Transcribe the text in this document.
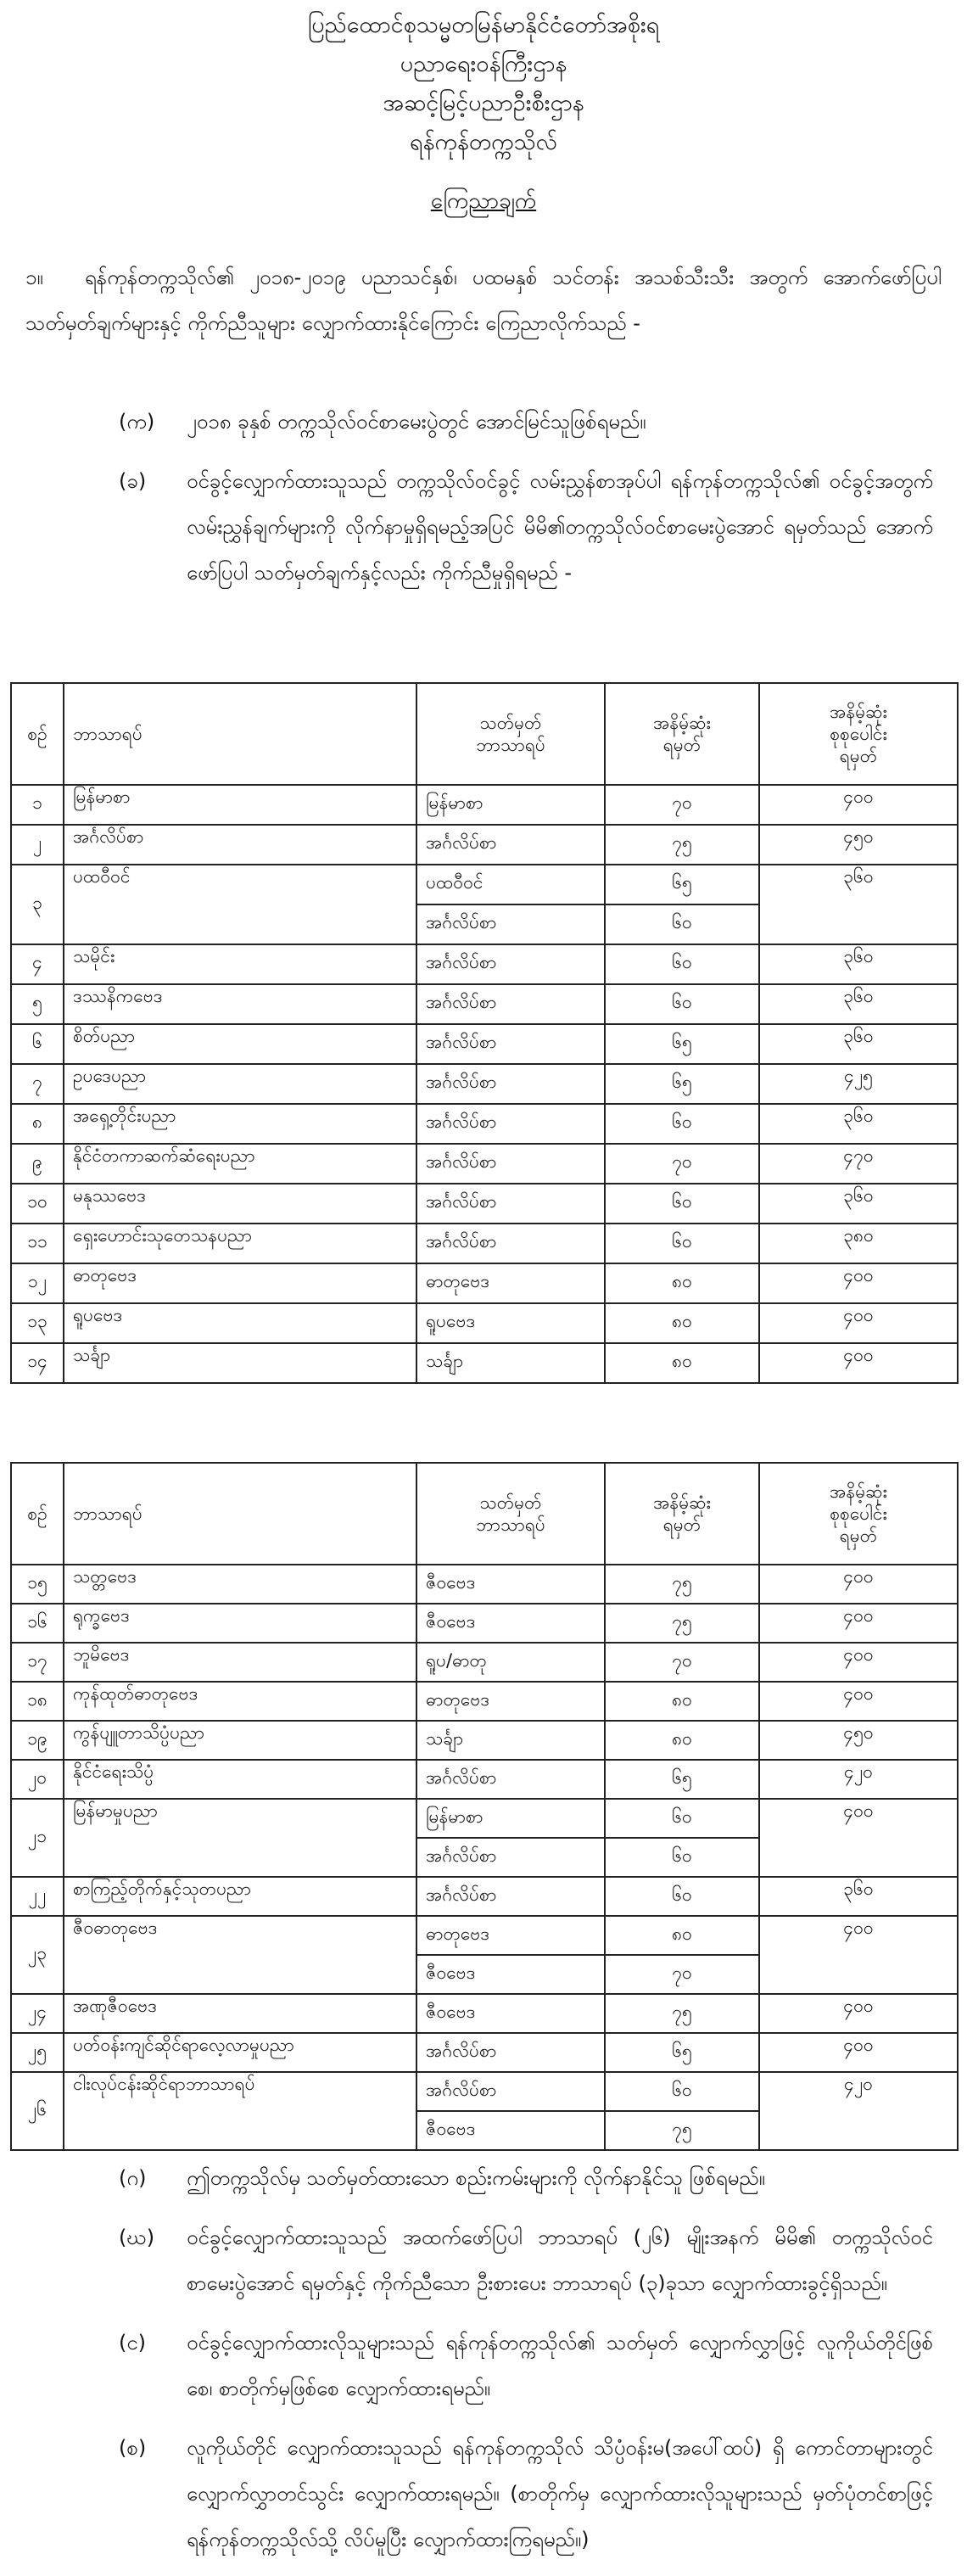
ပြည်ထောင်စုသမ္မတမြန်မာနိုင်ငံတော်အစိုးရ
ပညာရေးဝန်ကြီးဌာန
အဆင့်မြင့်ပညာဦးစီးဌာန
ရန်ကုန်တက္ကသိုလ်
ကြေညာချက်
၁။ ရန်ကုန်တက္ကသိုလ်၏ ၂၀၁၈-၂၀၁၉ ပညာသင်နှစ်၊ ပထမနှစ် သင်တန်း အသစ်သီးသီး အတွက် အောက်ဖော်ပြပါ သတ်မှတ်ချက်များနှင့် ကိုက်ညီသူများ လျှောက်ထားနိုင်ကြောင်း ကြေညာလိုက်သည် -
(က) ၂၀၁၈ ခုနှစ် တက္ကသိုလ်ဝင်စာမေးပွဲတွင် အောင်မြင်သူဖြစ်ရမည်။
(ခ) ဝင်ခွင့်လျှောက်ထားသူသည် တက္ကသိုလ်ဝင်ခွင့် လမ်းညွှန်စာအုပ်ပါ ရန်ကုန်တက္ကသိုလ်၏ ဝင်ခွင့်အတွက် လမ်းညွှန်ချက်များကို လိုက်နာမှုရှိရမည့်အပြင် မိမိ၏တက္ကသိုလ်ဝင်စာမေးပွဲအောင် ရမှတ်သည် အောက်ဖော်ပြပါ သတ်မှတ်ချက်နှင့်လည်း ကိုက်ညီမှုရှိရမည် -
စဉ်	ဘာသာရပ်	သတ်မှတ်
ဘာသာရပ်	အနိမ့်ဆုံး
ရမှတ်	အနိမ့်ဆုံး
စုစုပေါင်း
ရမှတ်
၁	မြန်မာစာ	မြန်မာစာ	၇၀	၄၀၀
၂	အင်္ဂလိပ်စာ	အင်္ဂလိပ်စာ	၇၅	၄၅၀
၃	ပထဝီဝင်	ပထဝီဝင်	၆၅	၃၆၀
		အင်္ဂလိပ်စာ	၆၀	
၄	သမိုင်း	အင်္ဂလိပ်စာ	၆၀	၃၆၀
၅	ဒဿနိကဗေဒ	အင်္ဂလိပ်စာ	၆၀	၃၆၀
၆	စိတ်ပညာ	အင်္ဂလိပ်စာ	၆၅	၃၆၀
၇	ဥပဒေပညာ	အင်္ဂလိပ်စာ	၆၅	၄၂၅
၈	အရှေ့တိုင်းပညာ	အင်္ဂလိပ်စာ	၆၀	၃၆၀
၉	နိုင်ငံတကာဆက်ဆံရေးပညာ	အင်္ဂလိပ်စာ	၇၀	၄၇၀
၁၀	မနုဿဗေဒ	အင်္ဂလိပ်စာ	၆၀	၃၆၀
၁၁	ရှေးဟောင်းသုတေသနပညာ	အင်္ဂလိပ်စာ	၆၀	၃၈၀
၁၂	ဓာတုဗေဒ	ဓာတုဗေဒ	၈၀	၄၀၀
၁၃	ရူပဗေဒ	ရူပဗေဒ	၈၀	၄၀၀
၁၄	သင်္ချာ	သင်္ချာ	၈၀	၄၀၀
စဉ်	ဘာသာရပ်	သတ်မှတ်
ဘာသာရပ်	အနိမ့်ဆုံး
ရမှတ်	အနိမ့်ဆုံး
စုစုပေါင်း
ရမှတ်
၁၅	သတ္တဗေဒ	ဇီဝဗေဒ	၇၅	၄၀၀
၁၆	ရုက္ခဗေဒ	ဇီဝဗေဒ	၇၅	၄၀၀
၁၇	ဘူမိဗေဒ	ရူပ/ဓာတု	၇၀	၄၀၀
၁၈	ကုန်ထုတ်ဓာတုဗေဒ	ဓာတုဗေဒ	၈၀	၄၀၀
၁၉	ကွန်ပျူတာသိပ္ပံပညာ	သင်္ချာ	၈၀	၄၅၀
၂၀	နိုင်ငံရေးသိပ္ပံ	အင်္ဂလိပ်စာ	၆၅	၄၂၀
၂၁	မြန်မာမှုပညာ	မြန်မာစာ	၆၀	၄၀၀
		အင်္ဂလိပ်စာ	၆၀	
၂၂	စာကြည့်တိုက်နှင့်သုတပညာ	အင်္ဂလိပ်စာ	၆၀	၃၆၀
၂၃	ဇီဝဓာတုဗေဒ	ဓာတုဗေဒ	၈၀	၄၀၀
		ဇီဝဗေဒ	၇၀	
၂၄	အဏုဇီဝဗေဒ	ဇီဝဗေဒ	၇၅	၄၀၀
၂၅	ပတ်ဝန်းကျင်ဆိုင်ရာလေ့လာမှုပညာ	အင်္ဂလိပ်စာ	၆၅	၄၀၀
၂၆	ငါးလုပ်ငန်းဆိုင်ရာဘာသာရပ်	အင်္ဂလိပ်စာ	၆၀	၄၂၀
		ဇီဝဗေဒ	၇၅	
(ဂ) ဤတက္ကသိုလ်မှ သတ်မှတ်ထားသော စည်းကမ်းများကို လိုက်နာနိုင်သူ ဖြစ်ရမည်။
(ဃ) ဝင်ခွင့်လျှောက်ထားသူသည် အထက်ဖော်ပြပါ ဘာသာရပ် (၂၆) မျိုးအနက် မိမိ၏ တက္ကသိုလ်ဝင်စာမေးပွဲအောင် ရမှတ်နှင့် ကိုက်ညီသော ဦးစားပေး ဘာသာရပ် (၃)ခုသာ လျှောက်ထားခွင့်ရှိသည်။
(င) ဝင်ခွင့်လျှောက်ထားလိုသူများသည် ရန်ကုန်တက္ကသိုလ်၏ သတ်မှတ် လျှောက်လွှာဖြင့် လူကိုယ်တိုင်ဖြစ်စေ၊ စာတိုက်မှဖြစ်စေ လျှောက်ထားရမည်။
(စ) လူကိုယ်တိုင် လျှောက်ထားသူသည် ရန်ကုန်တက္ကသိုလ် သိပ္ပံဝန်းမ(အပေါ်ထပ်) ရှိ ကောင်တာများတွင် လျှောက်လွှာတင်သွင်း လျှောက်ထားရမည်။ (စာတိုက်မှ လျှောက်ထားလိုသူများသည် မှတ်ပုံတင်စာဖြင့် ရန်ကုန်တက္ကသိုလ်သို့ လိပ်မူပြီး လျှောက်ထားကြရမည်။)
